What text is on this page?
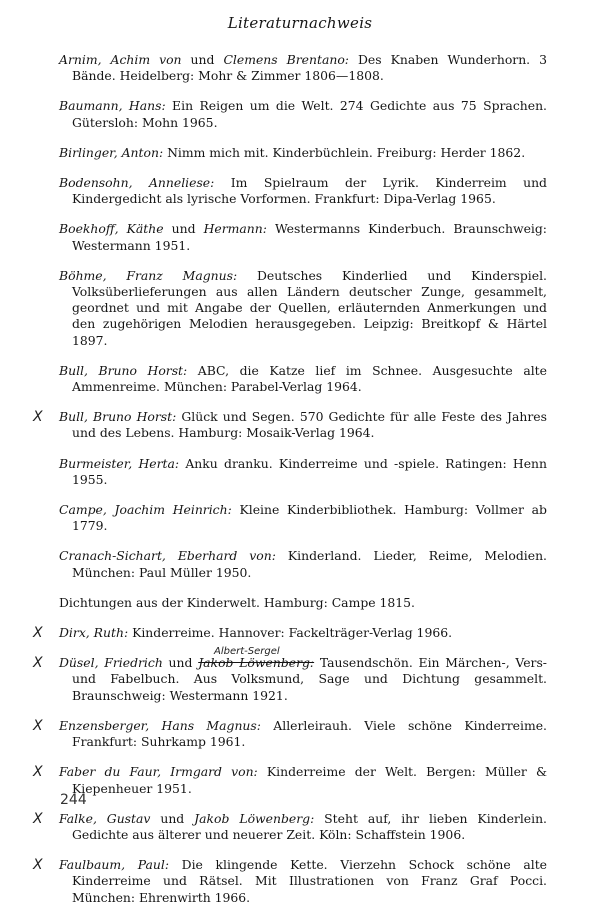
Literaturnachweis
Arnim, Achim von und Clemens Brentano: Des Knaben Wunderhorn. 3 Bände. Heidelberg: Mohr & Zimmer 1806—1808.
Baumann, Hans: Ein Reigen um die Welt. 274 Gedichte aus 75 Sprachen. Gütersloh: Mohn 1965.
Birlinger, Anton: Nimm mich mit. Kinderbüchlein. Freiburg: Herder 1862.
Bodensohn, Anneliese: Im Spielraum der Lyrik. Kinderreim und Kindergedicht als lyrische Vorformen. Frankfurt: Dipa-Verlag 1965.
Boekhoff, Käthe und Hermann: Westermanns Kinderbuch. Braunschweig: Westermann 1951.
Böhme, Franz Magnus: Deutsches Kinderlied und Kinderspiel. Volksüberlieferungen aus allen Ländern deutscher Zunge, gesammelt, geordnet und mit Angabe der Quellen, erläuternden Anmerkungen und den zugehörigen Melodien herausgegeben. Leipzig: Breitkopf & Härtel 1897.
Bull, Bruno Horst: ABC, die Katze lief im Schnee. Ausgesuchte alte Ammenreime. München: Parabel-Verlag 1964.
X Bull, Bruno Horst: Glück und Segen. 570 Gedichte für alle Feste des Jahres und des Lebens. Hamburg: Mosaik-Verlag 1964.
Burmeister, Herta: Anku dranku. Kinderreime und -spiele. Ratingen: Henn 1955.
Campe, Joachim Heinrich: Kleine Kinderbibliothek. Hamburg: Vollmer ab 1779.
Cranach-Sichart, Eberhard von: Kinderland. Lieder, Reime, Melodien. München: Paul Müller 1950.
Dichtungen aus der Kinderwelt. Hamburg: Campe 1815.
X Dirx, Ruth: Kinderreime. Hannover: Fackelträger-Verlag 1966.
X
Albert-Sergel
Düsel, Friedrich und Jakob Löwenberg: Tausendschön. Ein Märchen-, Vers- und Fabelbuch. Aus Volksmund, Sage und Dichtung gesammelt. Braunschweig: Westermann 1921.
X Enzensberger, Hans Magnus: Allerleirauh. Viele schöne Kinderreime. Frankfurt: Suhrkamp 1961.
X Faber du Faur, Irmgard von: Kinderreime der Welt. Bergen: Müller & Kiepenheuer 1951.
X Falke, Gustav und Jakob Löwenberg: Steht auf, ihr lieben Kinderlein. Gedichte aus älterer und neuerer Zeit. Köln: Schaffstein 1906.
X Faulbaum, Paul: Die klingende Kette. Vierzehn Schock schöne alte Kinderreime und Rätsel. Mit Illustrationen von Franz Graf Pocci. München: Ehrenwirth 1966.
244
